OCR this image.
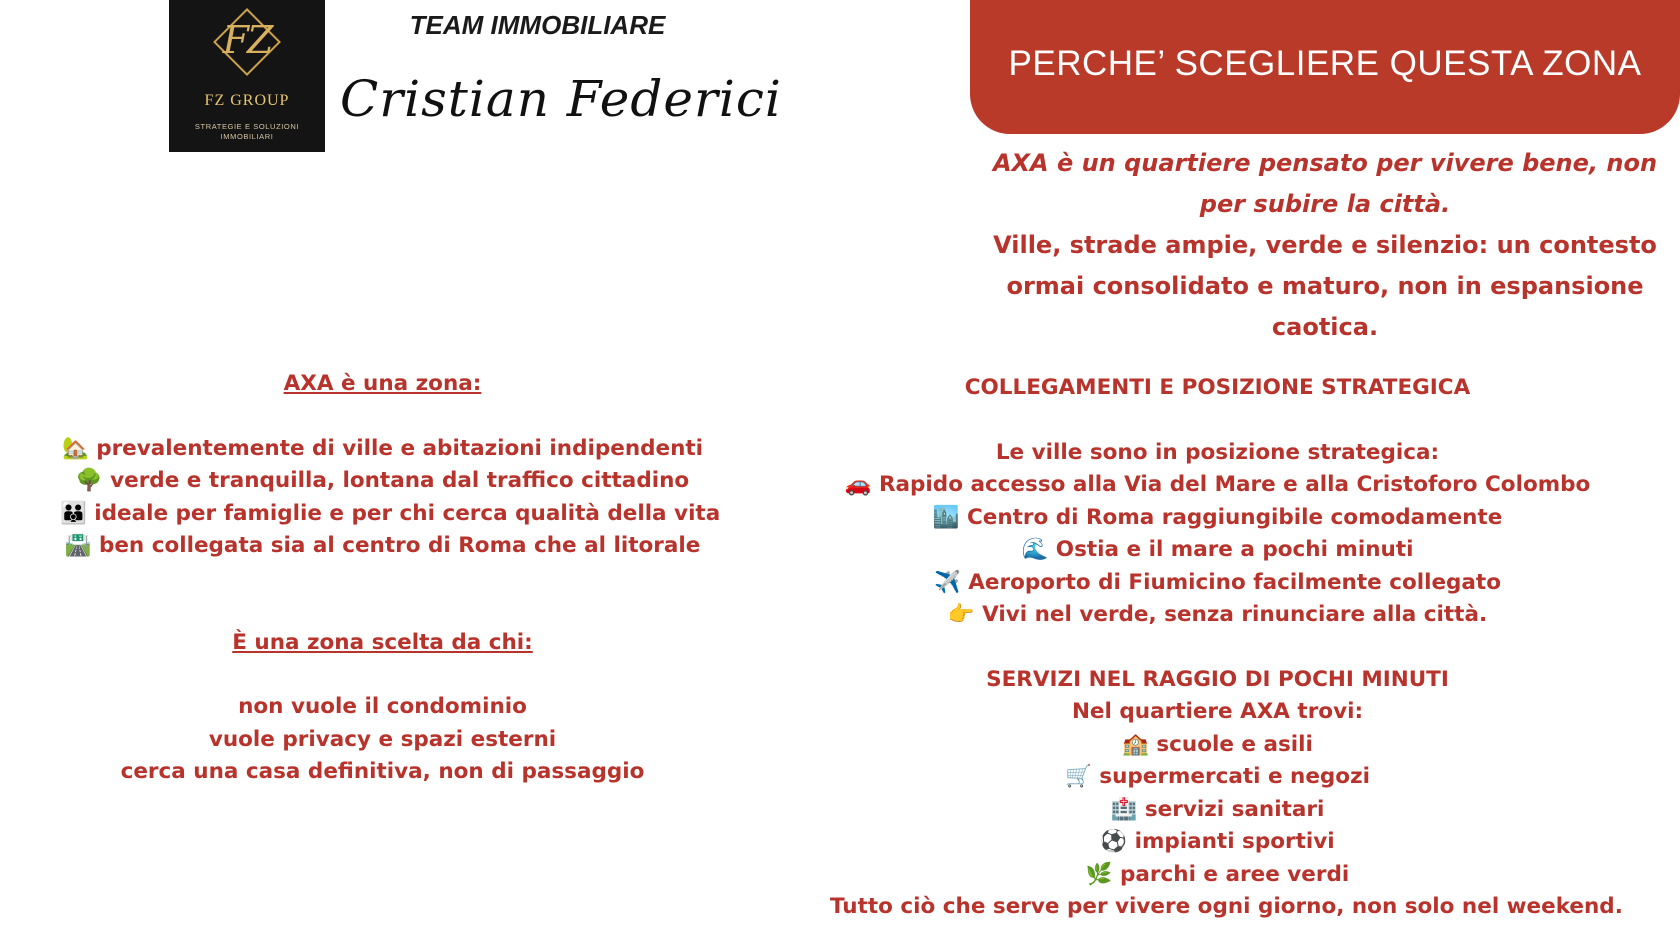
FZ
FZ GROUP
STRATEGIE E SOLUZIONI IMMOBILIARI
TEAM IMMOBILIARE
Cristian Federici
PERCHE’ SCEGLIERE QUESTA ZONA
AXA è un quartiere pensato per vivere bene, non per subire la città.
Ville, strade ampie, verde e silenzio: un contesto ormai consolidato e maturo, non in espansione caotica.
AXA è una zona:
🏡 prevalentemente di ville e abitazioni indipendenti
🌳 verde e tranquilla, lontana dal traffico cittadino
👪 ideale per famiglie e per chi cerca qualità della vita
🛣️ ben collegata sia al centro di Roma che al litorale
È una zona scelta da chi:
non vuole il condominio
vuole privacy e spazi esterni
cerca una casa definitiva, non di passaggio
COLLEGAMENTI E POSIZIONE STRATEGICA
Le ville sono in posizione strategica:
🚗 Rapido accesso alla Via del Mare e alla Cristoforo Colombo
🏙️ Centro di Roma raggiungibile comodamente
🌊 Ostia e il mare a pochi minuti
✈️ Aeroporto di Fiumicino facilmente collegato
👉 Vivi nel verde, senza rinunciare alla città.
SERVIZI NEL RAGGIO DI POCHI MINUTI
Nel quartiere AXA trovi:
🏫 scuole e asili
🛒 supermercati e negozi
🏥 servizi sanitari
⚽ impianti sportivi
🌿 parchi e aree verdi
Tutto ciò che serve per vivere ogni giorno, non solo nel weekend.
